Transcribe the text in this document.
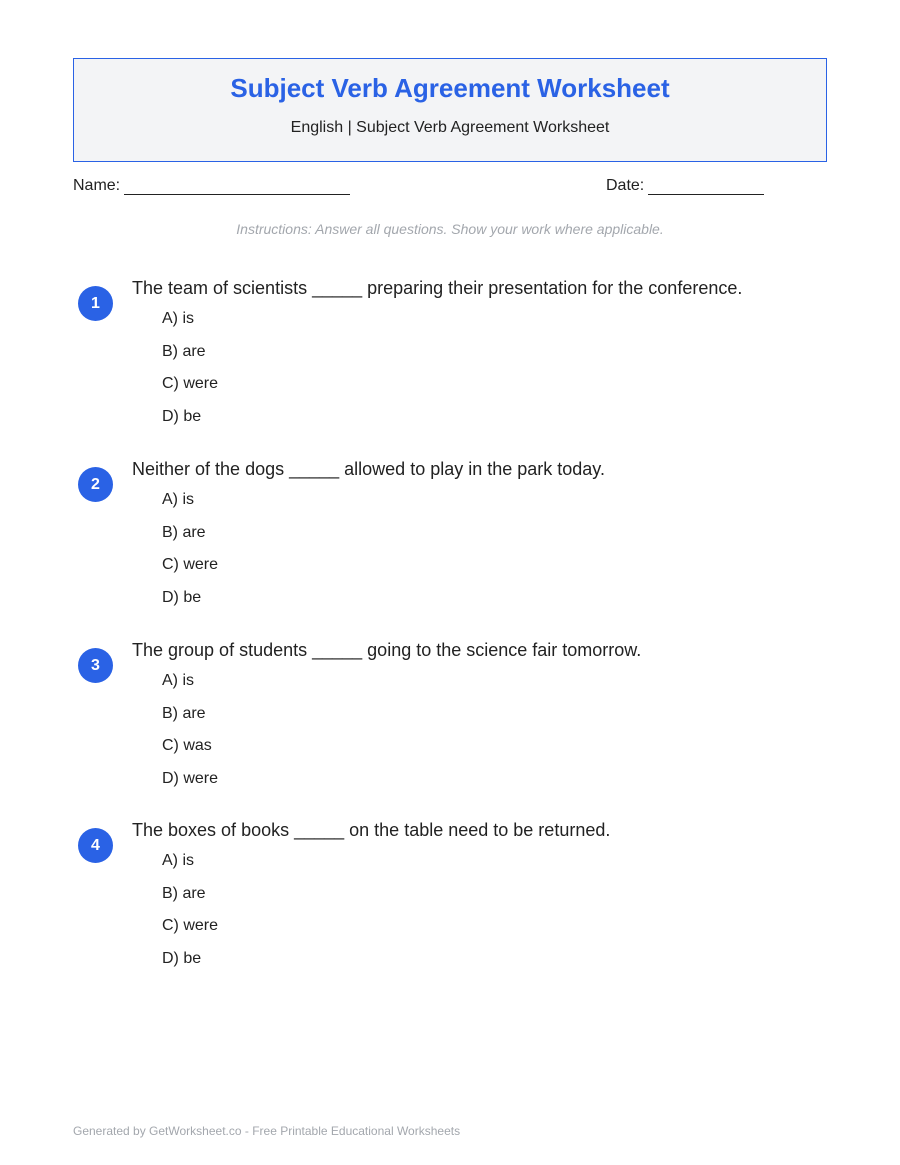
Subject Verb Agreement Worksheet
English | Subject Verb Agreement Worksheet
Name:	Date:
Instructions: Answer all questions. Show your work where applicable.
1
The team of scientists _____ preparing their presentation for the conference.
A) is
B) are
C) were
D) be
2
Neither of the dogs _____ allowed to play in the park today.
A) is
B) are
C) were
D) be
3
The group of students _____ going to the science fair tomorrow.
A) is
B) are
C) was
D) were
4
The boxes of books _____ on the table need to be returned.
A) is
B) are
C) were
D) be
Generated by GetWorksheet.co - Free Printable Educational Worksheets
